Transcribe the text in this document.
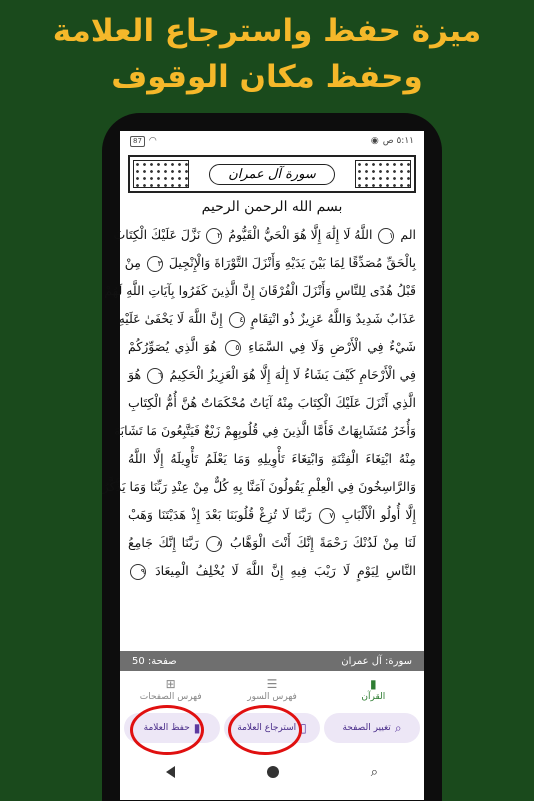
ميزة حفظ واسترجاع العلامة
وحفظ مكان الوقوف
87 ◠	٥:١١ ص
◉
سورة آل عمران
بسم الله الرحمن الرحيم
الم ١ اللَّهُ لَا إِلَٰهَ إِلَّا هُوَ الْحَيُّ الْقَيُّومُ ٢ نَزَّلَ عَلَيْكَ الْكِتَابَ
بِالْحَقِّ مُصَدِّقًا لِمَا بَيْنَ يَدَيْهِ وَأَنْزَلَ التَّوْرَاةَ وَالْإِنْجِيلَ ٣ مِنْ
قَبْلُ هُدًى لِلنَّاسِ وَأَنْزَلَ الْفُرْقَانَ إِنَّ الَّذِينَ كَفَرُوا بِآيَاتِ اللَّهِ لَهُمْ
عَذَابٌ شَدِيدٌ وَاللَّهُ عَزِيزٌ ذُو انْتِقَامٍ ٤ إِنَّ اللَّهَ لَا يَخْفَىٰ عَلَيْهِ
شَيْءٌ فِي الْأَرْضِ وَلَا فِي السَّمَاءِ ٥ هُوَ الَّذِي يُصَوِّرُكُمْ
فِي الْأَرْحَامِ كَيْفَ يَشَاءُ لَا إِلَٰهَ إِلَّا هُوَ الْعَزِيزُ الْحَكِيمُ ٦ هُوَ
الَّذِي أَنْزَلَ عَلَيْكَ الْكِتَابَ مِنْهُ آيَاتٌ مُحْكَمَاتٌ هُنَّ أُمُّ الْكِتَابِ
وَأُخَرُ مُتَشَابِهَاتٌ فَأَمَّا الَّذِينَ فِي قُلُوبِهِمْ زَيْغٌ فَيَتَّبِعُونَ مَا تَشَابَهَ
مِنْهُ ابْتِغَاءَ الْفِتْنَةِ وَابْتِغَاءَ تَأْوِيلِهِ وَمَا يَعْلَمُ تَأْوِيلَهُ إِلَّا اللَّهُ
وَالرَّاسِخُونَ فِي الْعِلْمِ يَقُولُونَ آمَنَّا بِهِ كُلٌّ مِنْ عِنْدِ رَبِّنَا وَمَا يَذَّكَّرُ
إِلَّا أُولُو الْأَلْبَابِ ٧ رَبَّنَا لَا تُزِغْ قُلُوبَنَا بَعْدَ إِذْ هَدَيْتَنَا وَهَبْ
لَنَا مِنْ لَدُنْكَ رَحْمَةً إِنَّكَ أَنْتَ الْوَهَّابُ ٨ رَبَّنَا إِنَّكَ جَامِعُ
النَّاسِ لِيَوْمٍ لَا رَيْبَ فِيهِ إِنَّ اللَّهَ لَا يُخْلِفُ الْمِيعَادَ ٩
صفحة: 50	سورة: آل عمران
▮
القرآن
☰
فهرس السور
⊞
فهرس الصفحات
▮
حفظ العلامة	▯
استرجاع العلامة	⌕
تغيير الصفحة
⌕
